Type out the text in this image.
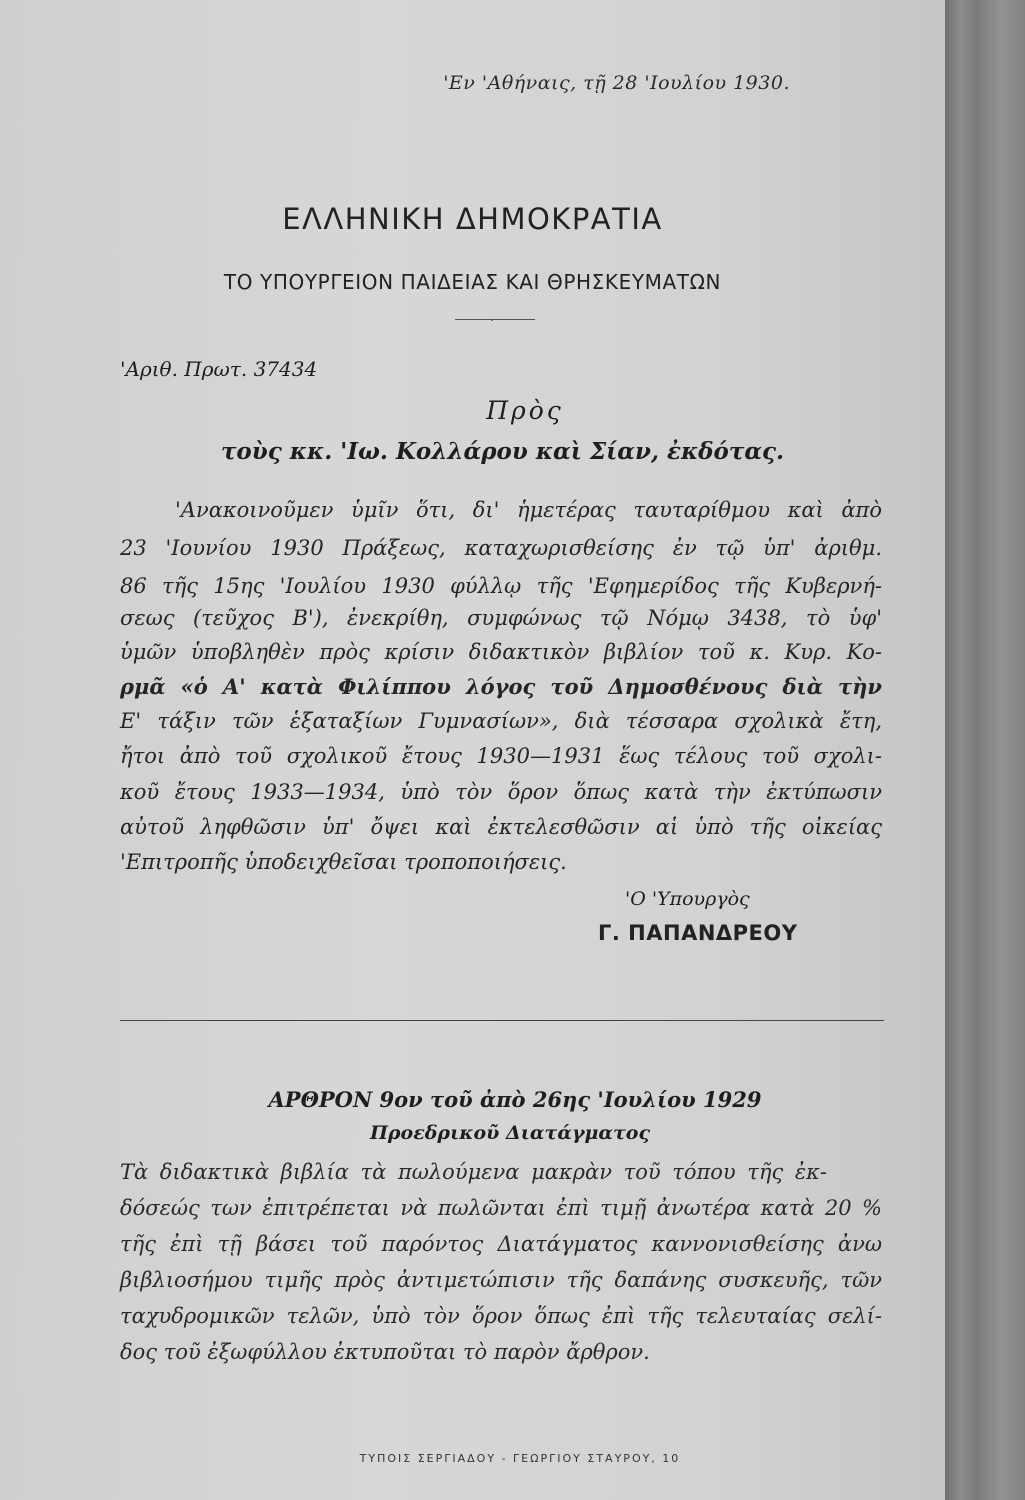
'Εν 'Αθήναις, τῇ 28 'Ιουλίου 1930.
ΕΛΛΗΝΙΚΗ ΔΗΜΟΚΡΑΤΙΑ
ΤΟ ΥΠΟΥΡΓΕΙΟΝ ΠΑΙΔΕΙΑΣ ΚΑΙ ΘΡΗΣΚΕΥΜΑΤΩΝ
·
'Αριθ. Πρωτ. 37434
Πρὸς
τοὺς κκ. 'Ιω. Κολλάρου καὶ Σίαν, ἐκδότας.
'Ανακοινοῦμεν ὑμῖν ὅτι, δι' ἡμετέρας ταυταρίθμου καὶ ἀπὸ
23 'Ιουνίου 1930 Πράξεως, καταχωρισθείσης ἐν τῷ ὑπ' ἀριθμ.
86 τῆς 15ης 'Ιουλίου 1930 φύλλῳ τῆς 'Εφημερίδος τῆς Κυβερνή-
σεως (τεῦχος Β'), ἐνεκρίθη, συμφώνως τῷ Νόμῳ 3438, τὸ ὑφ'
ὑμῶν ὑποβληθὲν πρὸς κρίσιν διδακτικὸν βιβλίον τοῦ κ. Κυρ. Κο-
ρμᾶ «ὁ Α' κατὰ Φιλίππου λόγος τοῦ Δημοσθένους διὰ τὴν
Ε' τάξιν τῶν ἑξαταξίων Γυμνασίων», διὰ τέσσαρα σχολικὰ ἔτη,
ἤτοι ἀπὸ τοῦ σχολικοῦ ἔτους 1930—1931 ἕως τέλους τοῦ σχολι-
κοῦ ἔτους 1933—1934, ὑπὸ τὸν ὅρον ὅπως κατὰ τὴν ἐκτύπωσιν
αὐτοῦ ληφθῶσιν ὑπ' ὄψει καὶ ἐκτελεσθῶσιν αἱ ὑπὸ τῆς οἰκείας
'Επιτροπῆς ὑποδειχθεῖσαι τροποποιήσεις.
'Ο 'Υπουργὸς
Γ. ΠΑΠΑΝΔΡΕΟΥ
ΑΡΘΡΟΝ 9ον τοῦ ἀπὸ 26ης 'Ιουλίου 1929
Προεδρικοῦ Διατάγματος
Τὰ διδακτικὰ βιβλία τὰ πωλούμενα μακρὰν τοῦ τόπου τῆς ἐκ-
δόσεώς των ἐπιτρέπεται νὰ πωλῶνται ἐπὶ τιμῇ ἀνωτέρα κατὰ 20 %
τῆς ἐπὶ τῇ βάσει τοῦ παρόντος Διατάγματος καννονισθείσης ἀνω
βιβλιοσήμου τιμῆς πρὸς ἀντιμετώπισιν τῆς δαπάνης συσκευῆς, τῶν
ταχυδρομικῶν τελῶν, ὑπὸ τὸν ὅρον ὅπως ἐπὶ τῆς τελευταίας σελί-
δος τοῦ ἐξωφύλλου ἐκτυποῦται τὸ παρὸν ἄρθρον.
ΤΥΠΟΙΣ ΣΕΡΓΙΑΔΟΥ - ΓΕΩΡΓΙΟΥ ΣΤΑΥΡΟΥ, 10
